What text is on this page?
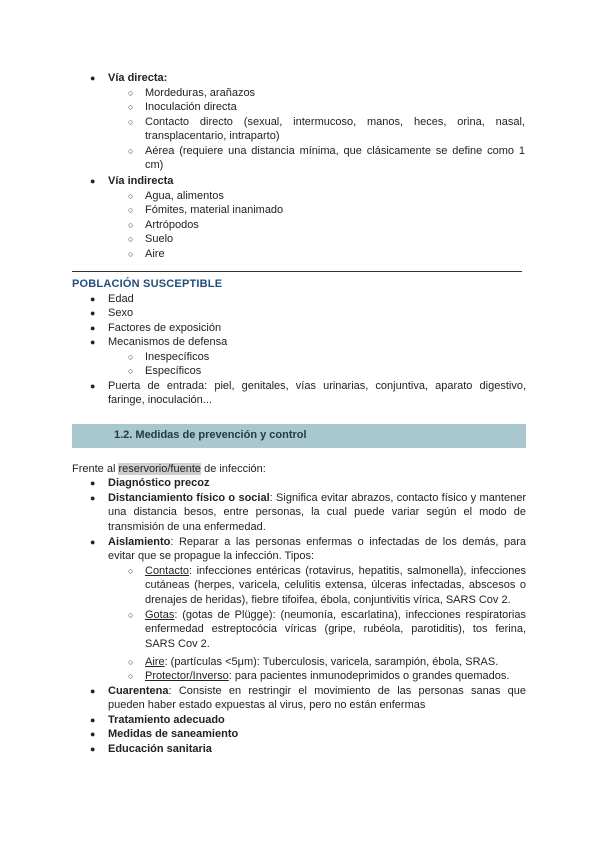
● Vía directa:
○ Mordeduras, arañazos
○ Inoculación directa
○ Contacto directo (sexual, intermucoso, manos, heces, orina, nasal,
transplacentario, intraparto)
○ Aérea (requiere una distancia mínima, que clásicamente se define como 1
cm)
● Vía indirecta
○ Agua, alimentos
○ Fómites, material inanimado
○ Artrópodos
○ Suelo
○ Aire
POBLACIÓN SUSCEPTIBLE
● Edad
● Sexo
● Factores de exposición
● Mecanismos de defensa
○ Inespecíficos
○ Específicos
● Puerta de entrada: piel, genitales, vías urinarias, conjuntiva, aparato digestivo,
faringe, inoculación...
1.2. Medidas de prevención y control
Frente al reservorio/fuente de infección:
● Diagnóstico precoz
● Distanciamiento físico o social: Significa evitar abrazos, contacto físico y mantener
una distancia besos, entre personas, la cual puede variar según el modo de
transmisión de una enfermedad.
● Aislamiento: Reparar a las personas enfermas o infectadas de los demás, para
evitar que se propague la infección. Tipos:
○ Contacto: infecciones entéricas (rotavirus, hepatitis, salmonella), infecciones
cutáneas (herpes, varicela, celulitis extensa, úlceras infectadas, abscesos o
drenajes de heridas), fiebre tifoifea, ébola, conjuntivitis vírica, SARS Cov 2.
○ Gotas: (gotas de Plügge): (neumonía, escarlatina), infecciones respiratorias
enfermedad estreptocócia víricas (gripe, rubéola, parotiditis), tos ferina,
SARS Cov 2.
○ Aire: (partículas <5μm): Tuberculosis, varicela, sarampión, ébola, SRAS.
○ Protector/Inverso: para pacientes inmunodeprimidos o grandes quemados.
● Cuarentena: Consiste en restringir el movimiento de las personas sanas que
pueden haber estado expuestas al virus, pero no están enfermas
● Tratamiento adecuado
● Medidas de saneamiento
● Educación sanitaria
